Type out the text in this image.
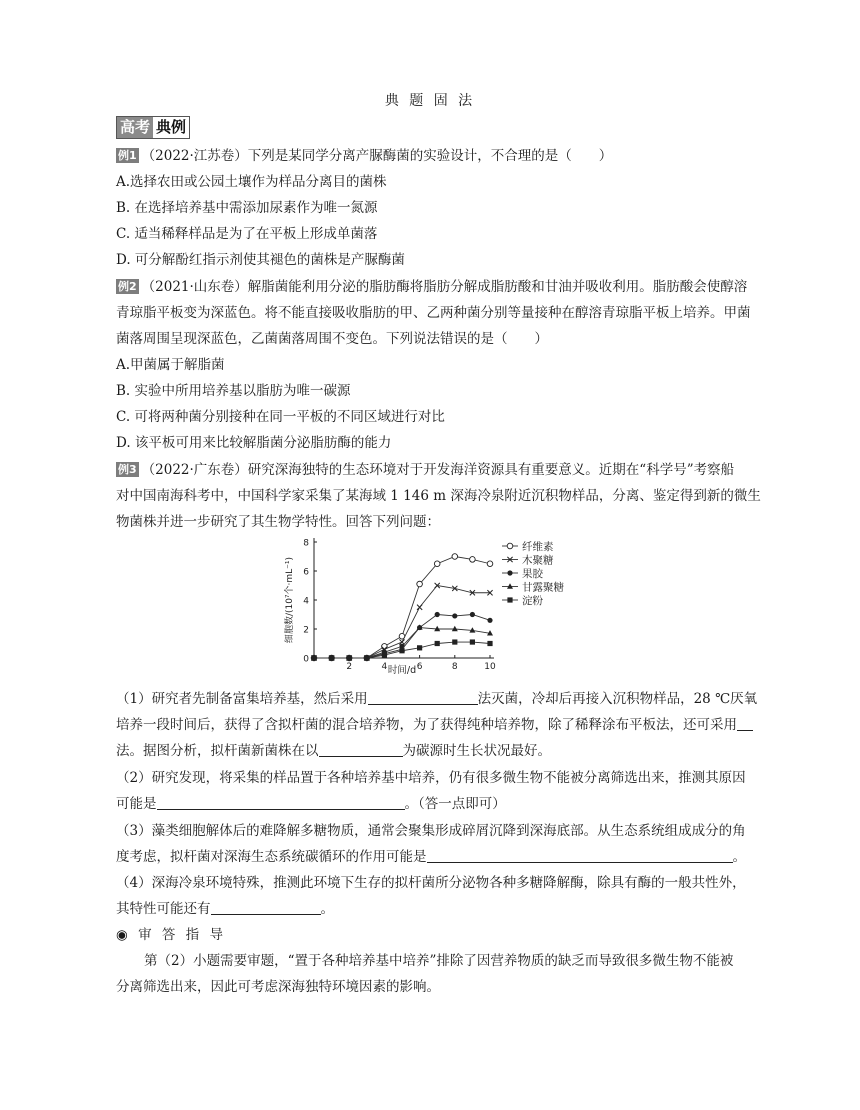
典 题 固 法
高考 典例
例1 （2022·江苏卷）下列是某同学分离产脲酶菌的实验设计，不合理的是（　　）
A.选择农田或公园土壤作为样品分离目的菌株
B. 在选择培养基中需添加尿素作为唯一氮源
C. 适当稀释样品是为了在平板上形成单菌落
D. 可分解酚红指示剂使其褪色的菌株是产脲酶菌
例2 （2021·山东卷）解脂菌能利用分泌的脂肪酶将脂肪分解成脂肪酸和甘油并吸收利用。脂肪酸会使醇溶
青琼脂平板变为深蓝色。将不能直接吸收脂肪的甲、乙两种菌分别等量接种在醇溶青琼脂平板上培养。甲菌
菌落周围呈现深蓝色，乙菌菌落周围不变色。下列说法错误的是（　　）
A.甲菌属于解脂菌
B. 实验中所用培养基以脂肪为唯一碳源
C. 可将两种菌分别接种在同一平板的不同区域进行对比
D. 该平板可用来比较解脂菌分泌脂肪酶的能力
例3 （2022·广东卷）研究深海独特的生态环境对于开发海洋资源具有重要意义。近期在“科学号”考察船
对中国南海科考中，中国科学家采集了某海域 1 146 m 深海冷泉附近沉积物样品，分离、鉴定得到新的微生
物菌株并进一步研究了其生物学特性。回答下列问题：
0
2
4
6
8
2	4	6	8	10
时间/d
细胞数/(10⁷个·mL⁻¹)
纤维素
木聚糖
果胶
甘露聚糖
淀粉
（1）研究者先制备富集培养基，然后采用	法灭菌，冷却后再接入沉积物样品，28 ℃厌氧
培养一段时间后，获得了含拟杆菌的混合培养物，为了获得纯种培养物，除了稀释涂布平板法，还可采用
法。据图分析，拟杆菌新菌株在以	为碳源时生长状况最好。
（2）研究发现，将采集的样品置于各种培养基中培养，仍有很多微生物不能被分离筛选出来，推测其原因
可能是	。（答一点即可）
（3）藻类细胞解体后的难降解多糖物质，通常会聚集形成碎屑沉降到深海底部。从生态系统组成成分的角
度考虑，拟杆菌对深海生态系统碳循环的作用可能是	。
（4）深海冷泉环境特殊，推测此环境下生存的拟杆菌所分泌物各种多糖降解酶，除具有酶的一般共性外，
其特性可能还有	。
◉ 审 答 指 导
第（2）小题需要审题，“置于各种培养基中培养”排除了因营养物质的缺乏而导致很多微生物不能被
分离筛选出来，因此可考虑深海独特环境因素的影响。
